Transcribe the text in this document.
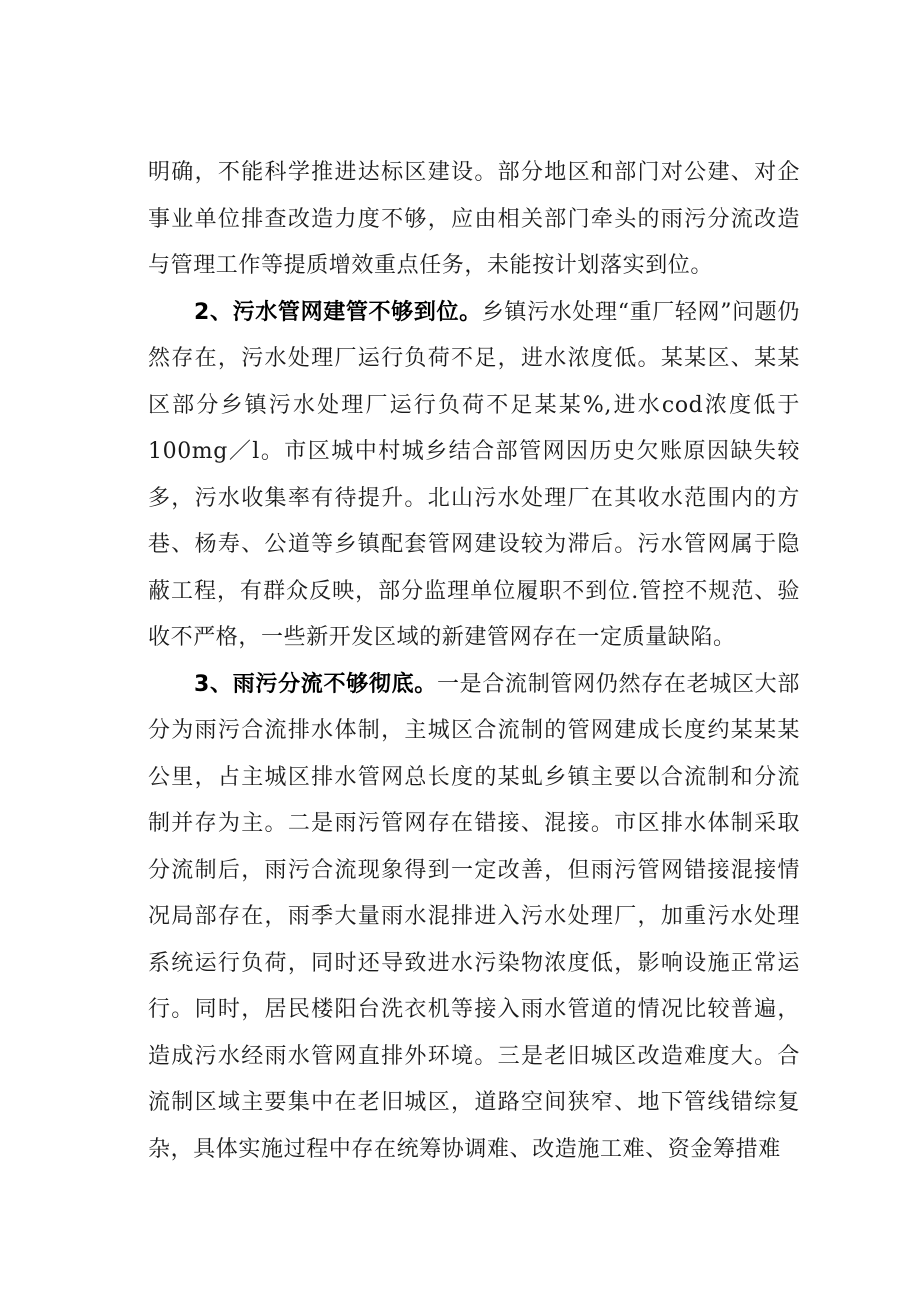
明确，不能科学推进达标区建设。部分地区和部门对公建、对企事业单位排查改造力度不够，应由相关部门牵头的雨污分流改造与管理工作等提质增效重点任务，未能按计划落实到位。

2、污水管网建管不够到位。乡镇污水处理“重厂轻网”问题仍然存在，污水处理厂运行负荷不足，进水浓度低。某某区、某某区部分乡镇污水处理厂运行负荷不足某某%,进水cod浓度低于100mg／l。市区城中村城乡结合部管网因历史欠账原因缺失较多，污水收集率有待提升。北山污水处理厂在其收水范围内的方巷、杨寿、公道等乡镇配套管网建设较为滞后。污水管网属于隐蔽工程，有群众反映，部分监理单位履职不到位.管控不规范、验收不严格，一些新开发区域的新建管网存在一定质量缺陷。

3、雨污分流不够彻底。一是合流制管网仍然存在老城区大部分为雨污合流排水体制，主城区合流制的管网建成长度约某某某公里，占主城区排水管网总长度的某虬乡镇主要以合流制和分流制并存为主。二是雨污管网存在错接、混接。市区排水体制采取分流制后，雨污合流现象得到一定改善，但雨污管网错接混接情况局部存在，雨季大量雨水混排进入污水处理厂，加重污水处理系统运行负荷，同时还导致进水污染物浓度低，影响设施正常运行。同时，居民楼阳台洗衣机等接入雨水管道的情况比较普遍，造成污水经雨水管网直排外环境。三是老旧城区改造难度大。合流制区域主要集中在老旧城区，道路空间狭窄、地下管线错综复杂，具体实施过程中存在统筹协调难、改造施工难、资金筹措难
